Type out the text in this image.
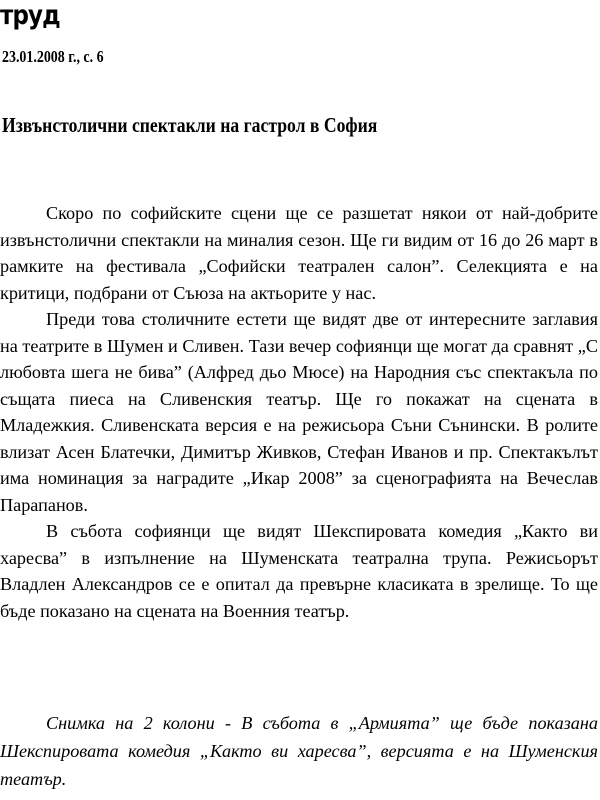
труд
23.01.2008 г., с. 6
Извънстолични спектакли на гастрол в София

Скоро по софийските сцени ще се разшетат някои от най-добрите извънстолични спектакли на миналия сезон. Ще ги видим от 16 до 26 март в рамките на фестивала „Софийски театрален салон”. Селекцията е на критици, подбрани от Съюза на актьорите у нас.

Преди това столичните естети ще видят две от интересните заглавия на театрите в Шумен и Сливен. Тази вечер софиянци ще могат да сравнят „С любовта шега не бива” (Алфред дьо Мюсе) на Народния със спектакъла по същата пиеса на Сливенския театър. Ще го покажат на сцената в Младежкия. Сливенската версия е на режисьора Съни Сънински. В ролите влизат Асен Блатечки, Димитър Живков, Стефан Иванов и пр. Спектакълът има номинация за наградите „Икар 2008” за сценографията на Вечеслав Парапанов.

В събота софиянци ще видят Шекспировата комедия „Както ви харесва” в изпълнение на Шуменската театрална трупа. Режисьорът Владлен Александров се е опитал да превърне класиката в зрелище. То ще бъде показано на сцената на Военния театър.

Снимка на 2 колони - В събота в „Армията” ще бъде показана Шекспировата комедия „Както ви харесва”, версията е на Шуменския театър.
